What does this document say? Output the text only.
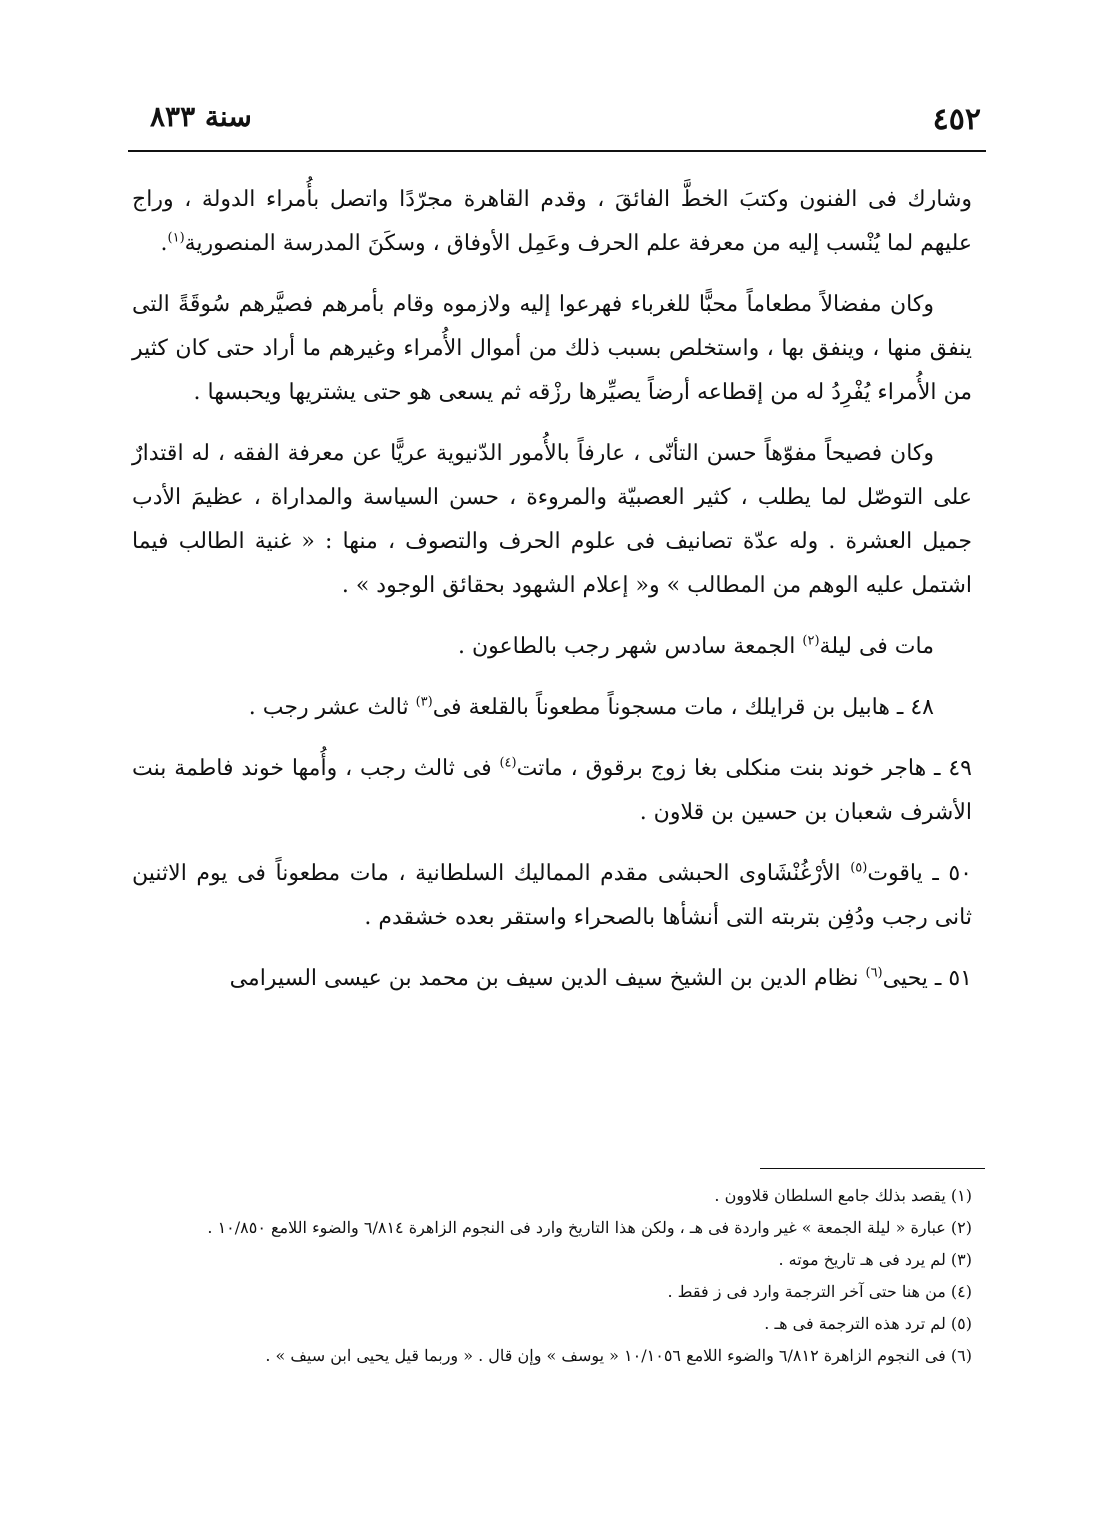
سنة ٨٣٣	٤٥٢

وشارك فى الفنون وكتبَ الخطَّ الفائقَ ، وقدم القاهرة مجرّدًا واتصل بأُمراء الدولة ، وراج عليهم لما يُنْسب إليه من معرفة علم الحرف وعَمِل الأوفاق ، وسكَنَ المدرسة المنصورية$^{(١)}$.

وكان مفضالاً مطعاماً محبًّا للغرباء فهرعوا إليه ولازموه وقام بأمرهم فصيَّرهم سُوقَةً التى ينفق منها ، وينفق بها ، واستخلص بسبب ذلك من أموال الأُمراء وغيرهم ما أراد حتى كان كثير من الأُمراء يُفْرِدُ له من إقطاعه أرضاً يصيِّرها رزْقه ثم يسعى هو حتى يشتريها ويحبسها .

وكان فصيحاً مفوّهاً حسن التأنّى ، عارفاً بالأُمور الدّنيوية عريًّا عن معرفة الفقه ، له اقتدارٌ على التوصّل لما يطلب ، كثير العصبيّة والمروءة ، حسن السياسة والمداراة ، عظيمَ الأدب جميل العشرة . وله عدّة تصانيف فى علوم الحرف والتصوف ، منها : « غنية الطالب فيما اشتمل عليه الوهم من المطالب » و« إعلام الشهود بحقائق الوجود » .

مات فى ليلة$^{(٢)}$ الجمعة سادس شهر رجب بالطاعون .

٤٨ ـ هابيل بن قرايلك ، مات مسجوناً مطعوناً بالقلعة فى$^{(٣)}$ ثالث عشر رجب .

٤٩ ـ هاجر خوند بنت منكلى بغا زوج برقوق ، ماتت$^{(٤)}$ فى ثالث رجب ، وأُمها خوند فاطمة بنت الأشرف شعبان بن حسين بن قلاون .

٥٠ ـ ياقوت$^{(٥)}$ الأرْغُنْشَاوى الحبشى مقدم المماليك السلطانية ، مات مطعوناً فى يوم الاثنين ثانى رجب ودُفِن بتربته التى أنشأها بالصحراء واستقر بعده خشقدم .

٥١ ـ يحيى$^{(٦)}$ نظام الدين بن الشيخ سيف الدين سيف بن محمد بن عيسى السيرامى

(١) يقصد بذلك جامع السلطان قلاوون .

(٢) عبارة « ليلة الجمعة » غير واردة فى هـ ، ولكن هذا التاريخ وارد فى النجوم الزاهرة ٦/٨١٤ والضوء اللامع ١٠/٨٥٠ .

(٣) لم يرد فى هـ تاريخ موته .

(٤) من هنا حتى آخر الترجمة وارد فى ز فقط .

(٥) لم ترد هذه الترجمة فى هـ .

(٦) فى النجوم الزاهرة ٦/٨١٢ والضوء اللامع ١٠/١٠٥٦ « يوسف » وإن قال . « وربما قيل يحيى ابن سيف » .
